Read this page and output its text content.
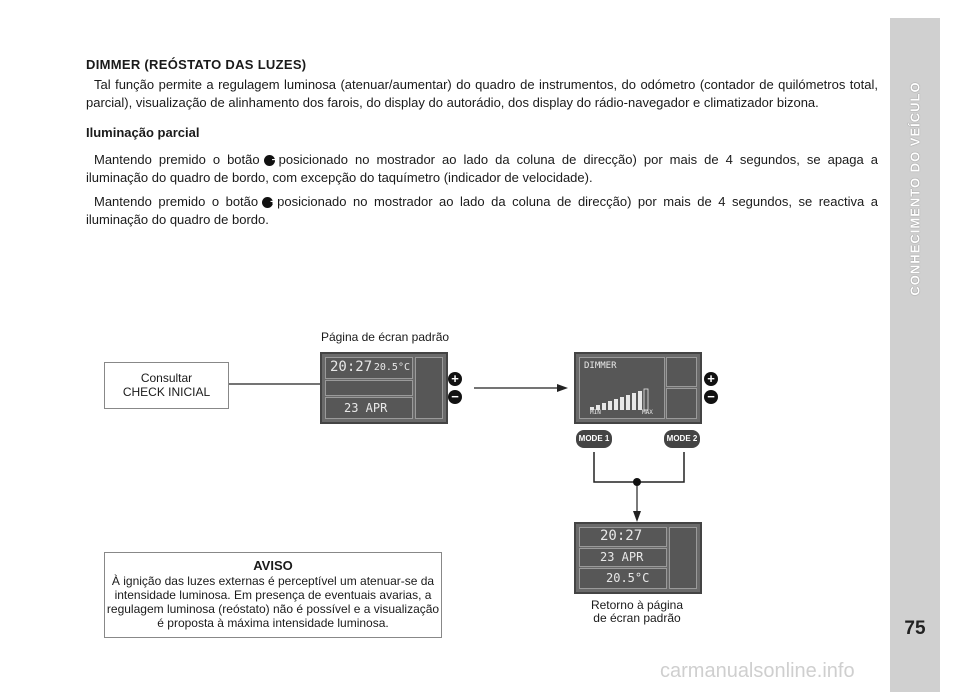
CONHECIMENTO DO VEÍCULO
75
DIMMER (REÓSTATO DAS LUZES)
Tal função permite a regulagem luminosa (atenuar/aumentar) do quadro de instrumentos, do odómetro (contador de quilómetros total, parcial), visualização de alinhamento dos farois, do display do autorádio, dos display do rádio-navegador e climatizador bizona.
Iluminação parcial
Mantendo premido o botão −posicionado no mostrador ao lado da coluna de direcção) por mais de 4 segundos, se apaga a iluminação do quadro de bordo, com excepção do taquímetro (indicador de velocidade).
Mantendo premido o botão +posicionado no mostrador ao lado da coluna de direcção) por mais de 4 segundos, se reactiva a iluminação do quadro de bordo.
Consultar
CHECK INICIAL
Página de écran padrão
20:27 20.5°C
23 APR
+
−
DIMMER
MIN	MAX
+
−
MODE 1	MODE 2
20:27
23 APR
20.5°C
Retorno à página
de écran padrão
AVISO
À ignição das luzes externas é perceptível um atenuar-se da
intensidade luminosa. Em presença de eventuais avarias, a
regulagem luminosa (reóstato) não é possível e a visualização
é proposta à máxima intensidade luminosa.
carmanualsonline.info
